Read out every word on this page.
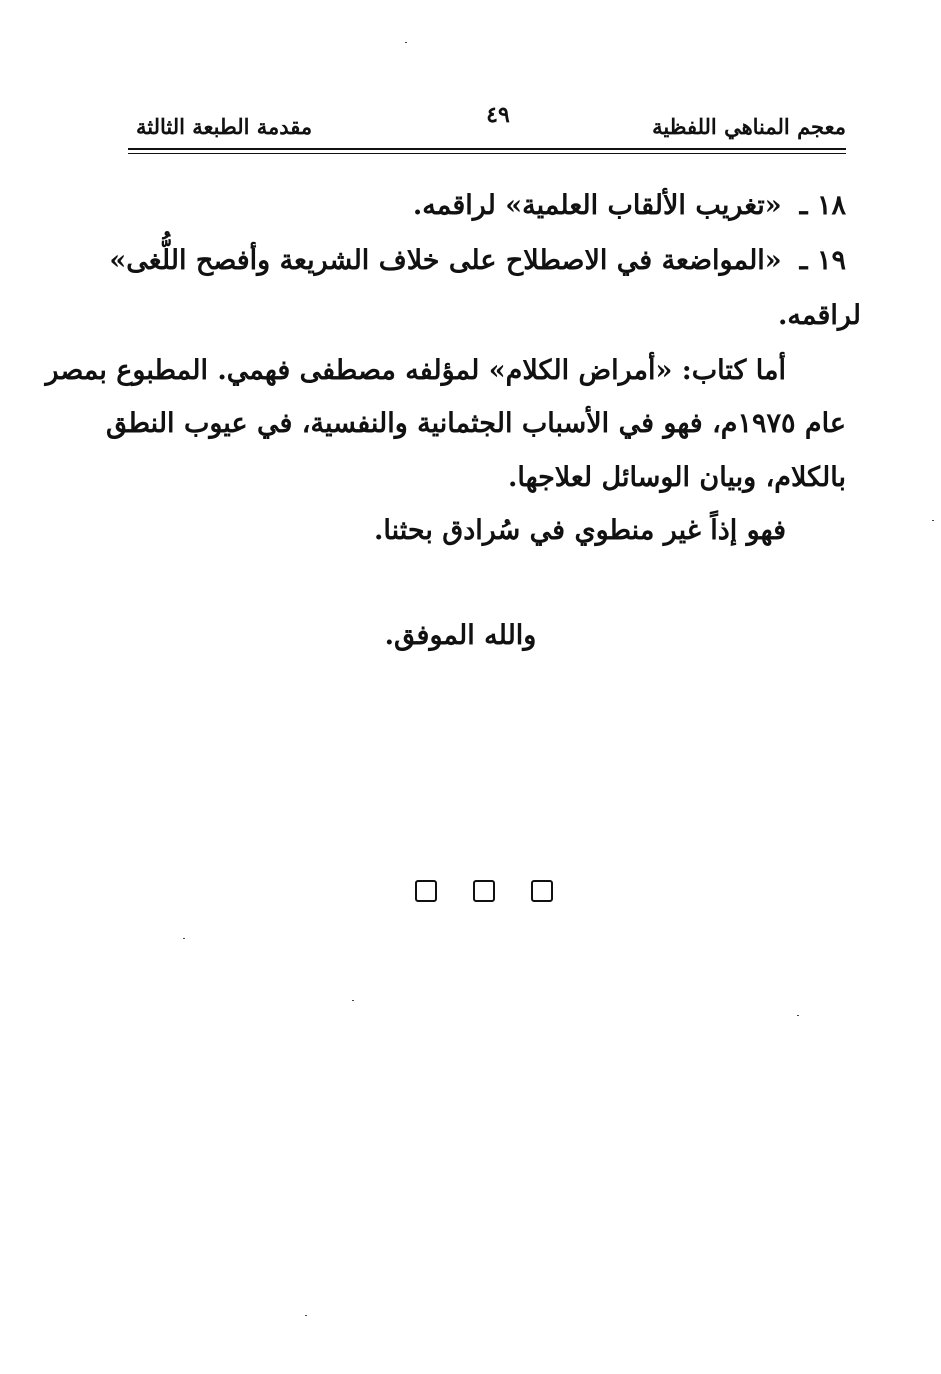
معجم المناهي اللفظية
٤٩
مقدمة الطبعة الثالثة
١٨ ـ«تغريب الألقاب العلمية» لراقمه.
١٩ ـ«المواضعة في الاصطلاح على خلاف الشريعة وأفصح اللُّغى»
لراقمه.
أما كتاب: «أمراض الكلام» لمؤلفه مصطفى فهمي. المطبوع بمصر
عام ١٩٧٥م، فهو في الأسباب الجثمانية والنفسية، في عيوب النطق
بالكلام، وبيان الوسائل لعلاجها.
فهو إذاً غير منطوي في سُرادق بحثنا.
والله الموفق.
